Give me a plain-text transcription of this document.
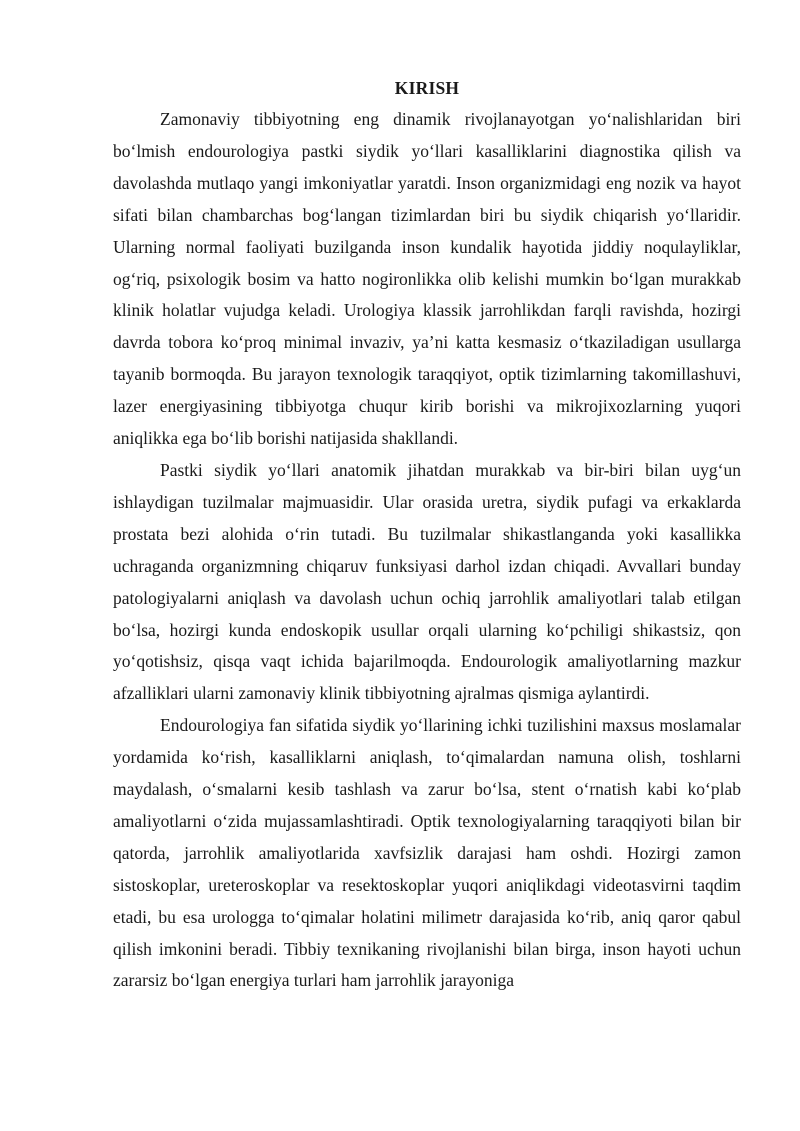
KIRISH

Zamonaviy tibbiyotning eng dinamik rivojlanayotgan yo‘nalishlaridan biri bo‘lmish endourologiya pastki siydik yo‘llari kasalliklarini diagnostika qilish va davolashda mutlaqo yangi imkoniyatlar yaratdi. Inson organizmidagi eng nozik va hayot sifati bilan chambarchas bog‘langan tizimlardan biri bu siydik chiqarish yo‘llaridir. Ularning normal faoliyati buzilganda inson kundalik hayotida jiddiy noqulayliklar, og‘riq, psixologik bosim va hatto nogironlikka olib kelishi mumkin bo‘lgan murakkab klinik holatlar vujudga keladi. Urologiya klassik jarrohlikdan farqli ravishda, hozirgi davrda tobora ko‘proq minimal invaziv, ya’ni katta kesmasiz o‘tkaziladigan usullarga tayanib bormoqda. Bu jarayon texnologik taraqqiyot, optik tizimlarning takomillashuvi, lazer energiyasining tibbiyotga chuqur kirib borishi va mikrojixozlarning yuqori aniqlikka ega bo‘lib borishi natijasida shakllandi.

Pastki siydik yo‘llari anatomik jihatdan murakkab va bir-biri bilan uyg‘un ishlaydigan tuzilmalar majmuasidir. Ular orasida uretra, siydik pufagi va erkaklarda prostata bezi alohida o‘rin tutadi. Bu tuzilmalar shikastlanganda yoki kasallikka uchraganda organizmning chiqaruv funksiyasi darhol izdan chiqadi. Avvallari bunday patologiyalarni aniqlash va davolash uchun ochiq jarrohlik amaliyotlari talab etilgan bo‘lsa, hozirgi kunda endoskopik usullar orqali ularning ko‘pchiligi shikastsiz, qon yo‘qotishsiz, qisqa vaqt ichida bajarilmoqda. Endourologik amaliyotlarning mazkur afzalliklari ularni zamonaviy klinik tibbiyotning ajralmas qismiga aylantirdi.

Endourologiya fan sifatida siydik yo‘llarining ichki tuzilishini maxsus moslamalar yordamida ko‘rish, kasalliklarni aniqlash, to‘qimalardan namuna olish, toshlarni maydalash, o‘smalarni kesib tashlash va zarur bo‘lsa, stent o‘rnatish kabi ko‘plab amaliyotlarni o‘zida mujassamlashtiradi. Optik texnologiyalarning taraqqiyoti bilan bir qatorda, jarrohlik amaliyotlarida xavfsizlik darajasi ham oshdi. Hozirgi zamon sistoskoplar, ureteroskoplar va resektoskoplar yuqori aniqlikdagi videotasvirni taqdim etadi, bu esa urologga to‘qimalar holatini milimetr darajasida ko‘rib, aniq qaror qabul qilish imkonini beradi. Tibbiy texnikaning rivojlanishi bilan birga, inson hayoti uchun zararsiz bo‘lgan energiya turlari ham jarrohlik jarayoniga
